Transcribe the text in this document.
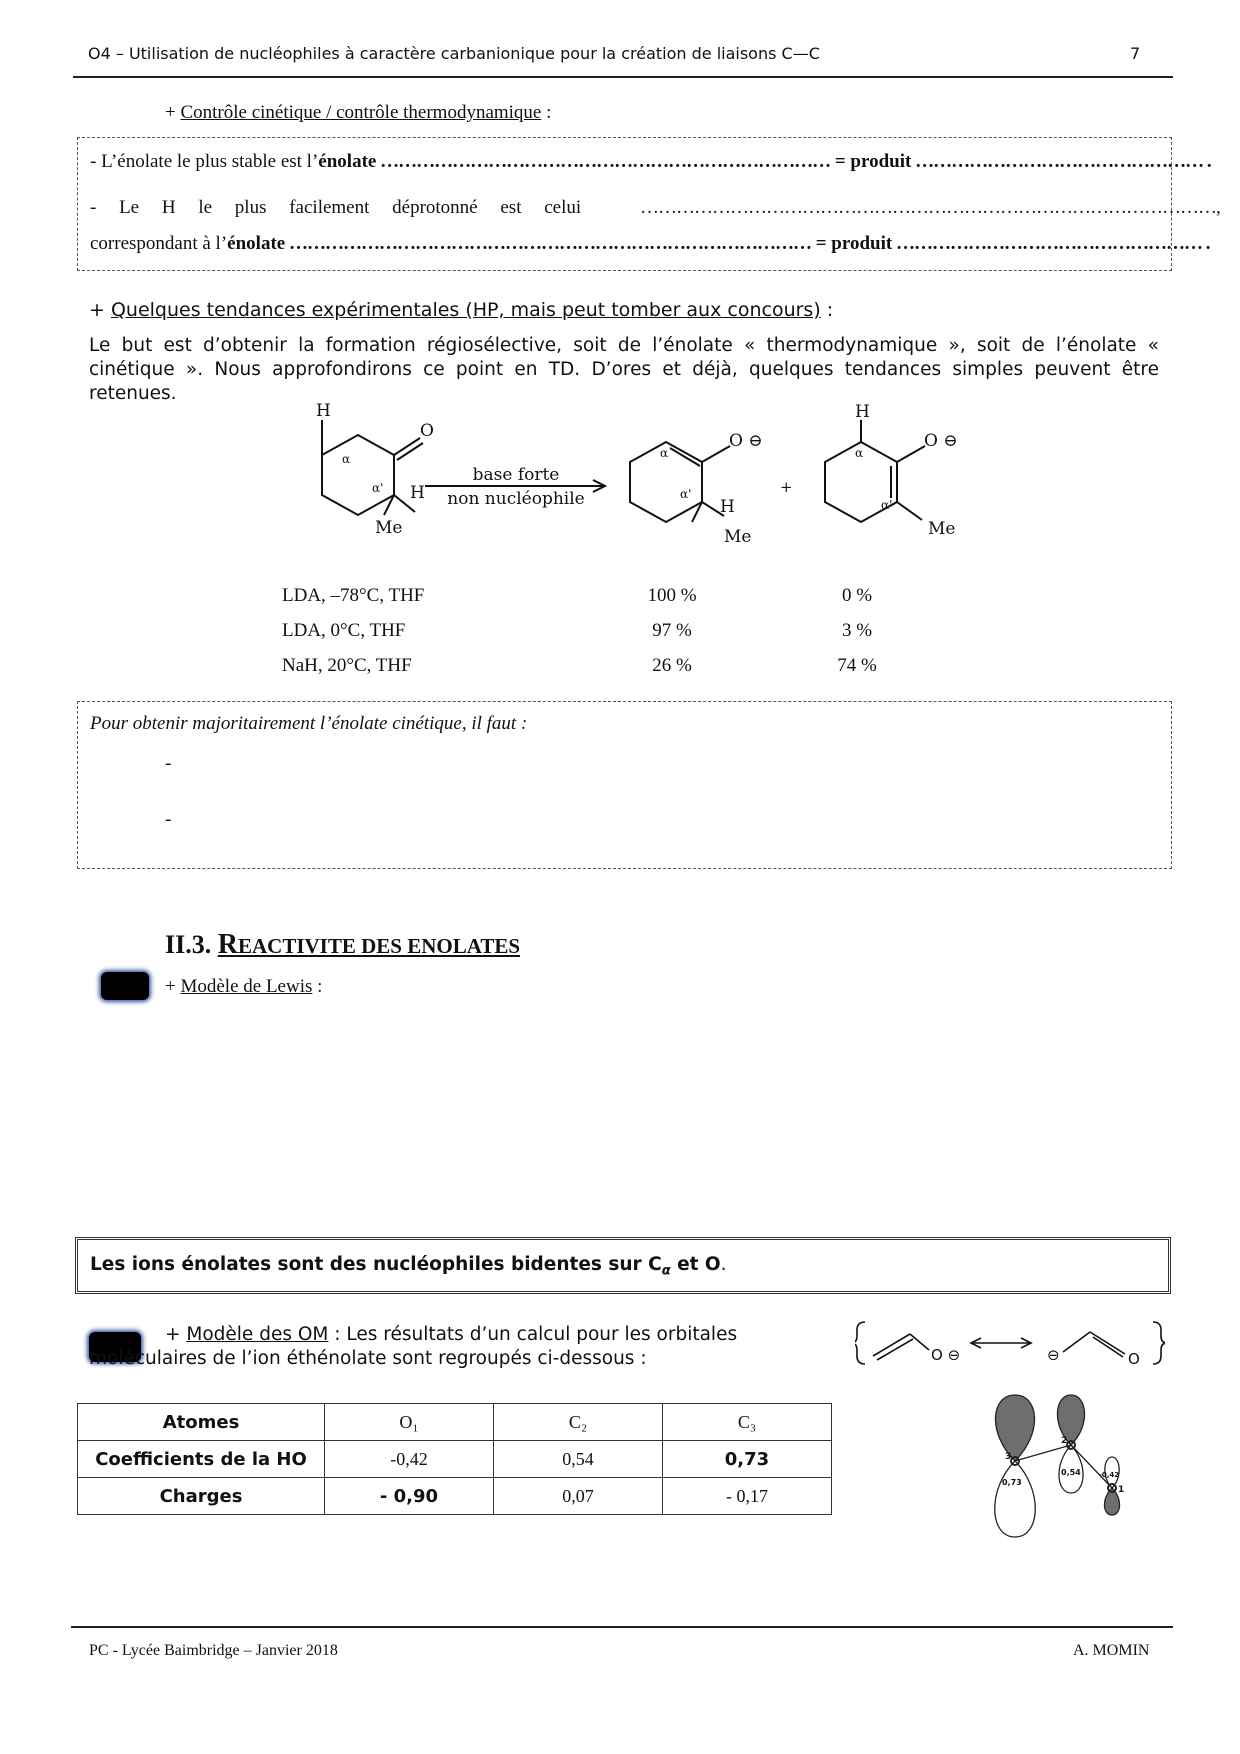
O4 – Utilisation de nucléophiles à caractère carbanionique pour la création de liaisons C—C	7
+ Contrôle cinétique / contrôle thermodynamique :
- L’énolate le plus stable est l’énolate ………………………………………………………………… = produit ………………………………………… .
- Le H le plus facilement déprotonné est celui	……………………………………………………………………………………,
correspondant à l’énolate …………………………………………………………………………… = produit …………………………………………… .
+ Quelques tendances expérimentales (HP, mais peut tomber aux concours) :
Le but est d’obtenir la formation régiosélective, soit de l’énolate « thermodynamique », soit de l’énolate « cinétique ». Nous approfondirons ce point en TD. D’ores et déjà, quelques tendances simples peuvent être retenues.
H
O
α
α' H
Me
base forte
non nucléophile
O ⊖
α
α'
H
Me
+
H
α
α'
O ⊖
Me
LDA, –78°C, THF	100 %	0 %
LDA, 0°C, THF	97 %	3 %
NaH, 20°C, THF	26 %	74 %
Pour obtenir majoritairement l’énolate cinétique, il faut :
-
-
II.3. REACTIVITE DES ENOLATES
+ Modèle de Lewis :
Les ions énolates sont des nucléophiles bidentes sur $C_\alpha$ et O.
+ Modèle des OM : Les résultats d’un calcul pour les orbitales moléculaires de l’ion éthénolate sont regroupés ci-dessous :	O ⊖	⊖	O
Atomes	O₁	C₂	C₃
Coefficients de la HO	-0,42	0,54	0,73
Charges	- 0,90	0,07	- 0,17
3
2
1
0,73
0,54	-0,42
PC - Lycée Baimbridge – Janvier 2018	A. MOMIN
